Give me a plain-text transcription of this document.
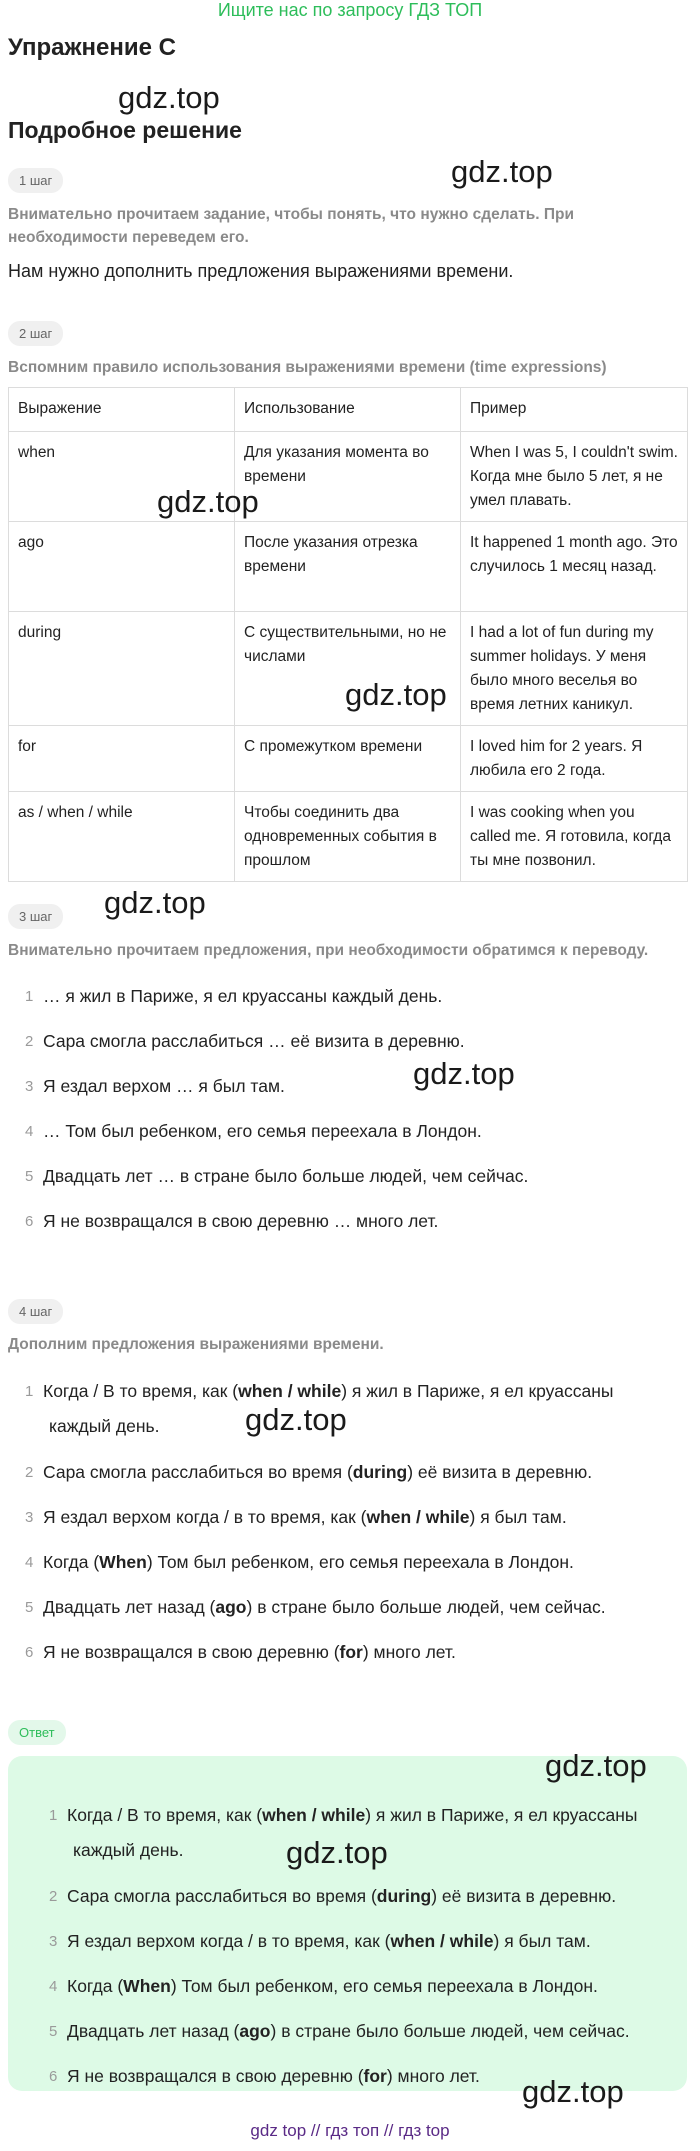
Ищите нас по запросу ГДЗ ТОП
Упражнение C
gdz.top
Подробное решение
gdz.top
1 шаг
Внимательно прочитаем задание, чтобы понять, что нужно сделать. При необходимости переведем его.
Нам нужно дополнить предложения выражениями времени.
2 шаг
Вспомним правило использования выражениями времени (time expressions)
Выражение	Использование	Пример
when	Для указания момента во времени	When I was 5, I couldn't swim. Когда мне было 5 лет, я не умел плавать.
ago	После указания отрезка времени	It happened 1 month ago. Это случилось 1 месяц назад.
during	С существительными, но не числами	I had a lot of fun during my summer holidays. У меня было много веселья во время летних каникул.
for	С промежутком времени	I loved him for 2 years. Я любила его 2 года.
as / when / while	Чтобы соединить два одновременных события в прошлом	I was cooking when you called me. Я готовила, когда ты мне позвонил.
gdz.top
gdz.top
gdz.top
3 шаг
Внимательно прочитаем предложения, при необходимости обратимся к переводу.
1 … я жил в Париже, я ел круассаны каждый день.
2 Сара смогла расслабиться … её визита в деревню.
3 Я ездал верхом … я был там.
4 … Том был ребенком, его семья переехала в Лондон.
5 Двадцать лет … в стране было больше людей, чем сейчас.
6 Я не возвращался в свою деревню … много лет.
gdz.top
4 шаг
Дополним предложения выражениями времени.
1 Когда / В то время, как (when / while) я жил в Париже, я ел круассаны
каждый день.
2 Сара смогла расслабиться во время (during) её визита в деревню.
3 Я ездал верхом когда / в то время, как (when / while) я был там.
4 Когда (When) Том был ребенком, его семья переехала в Лондон.
5 Двадцать лет назад (ago) в стране было больше людей, чем сейчас.
6 Я не возвращался в свою деревню (for) много лет.
gdz.top
Ответ
gdz.top
1 Когда / В то время, как (when / while) я жил в Париже, я ел круассаны
каждый день.
2 Сара смогла расслабиться во время (during) её визита в деревню.
3 Я ездал верхом когда / в то время, как (when / while) я был там.
4 Когда (When) Том был ребенком, его семья переехала в Лондон.
5 Двадцать лет назад (ago) в стране было больше людей, чем сейчас.
6 Я не возвращался в свою деревню (for) много лет.
gdz.top
gdz.top
gdz top // гдз топ // гдз top
